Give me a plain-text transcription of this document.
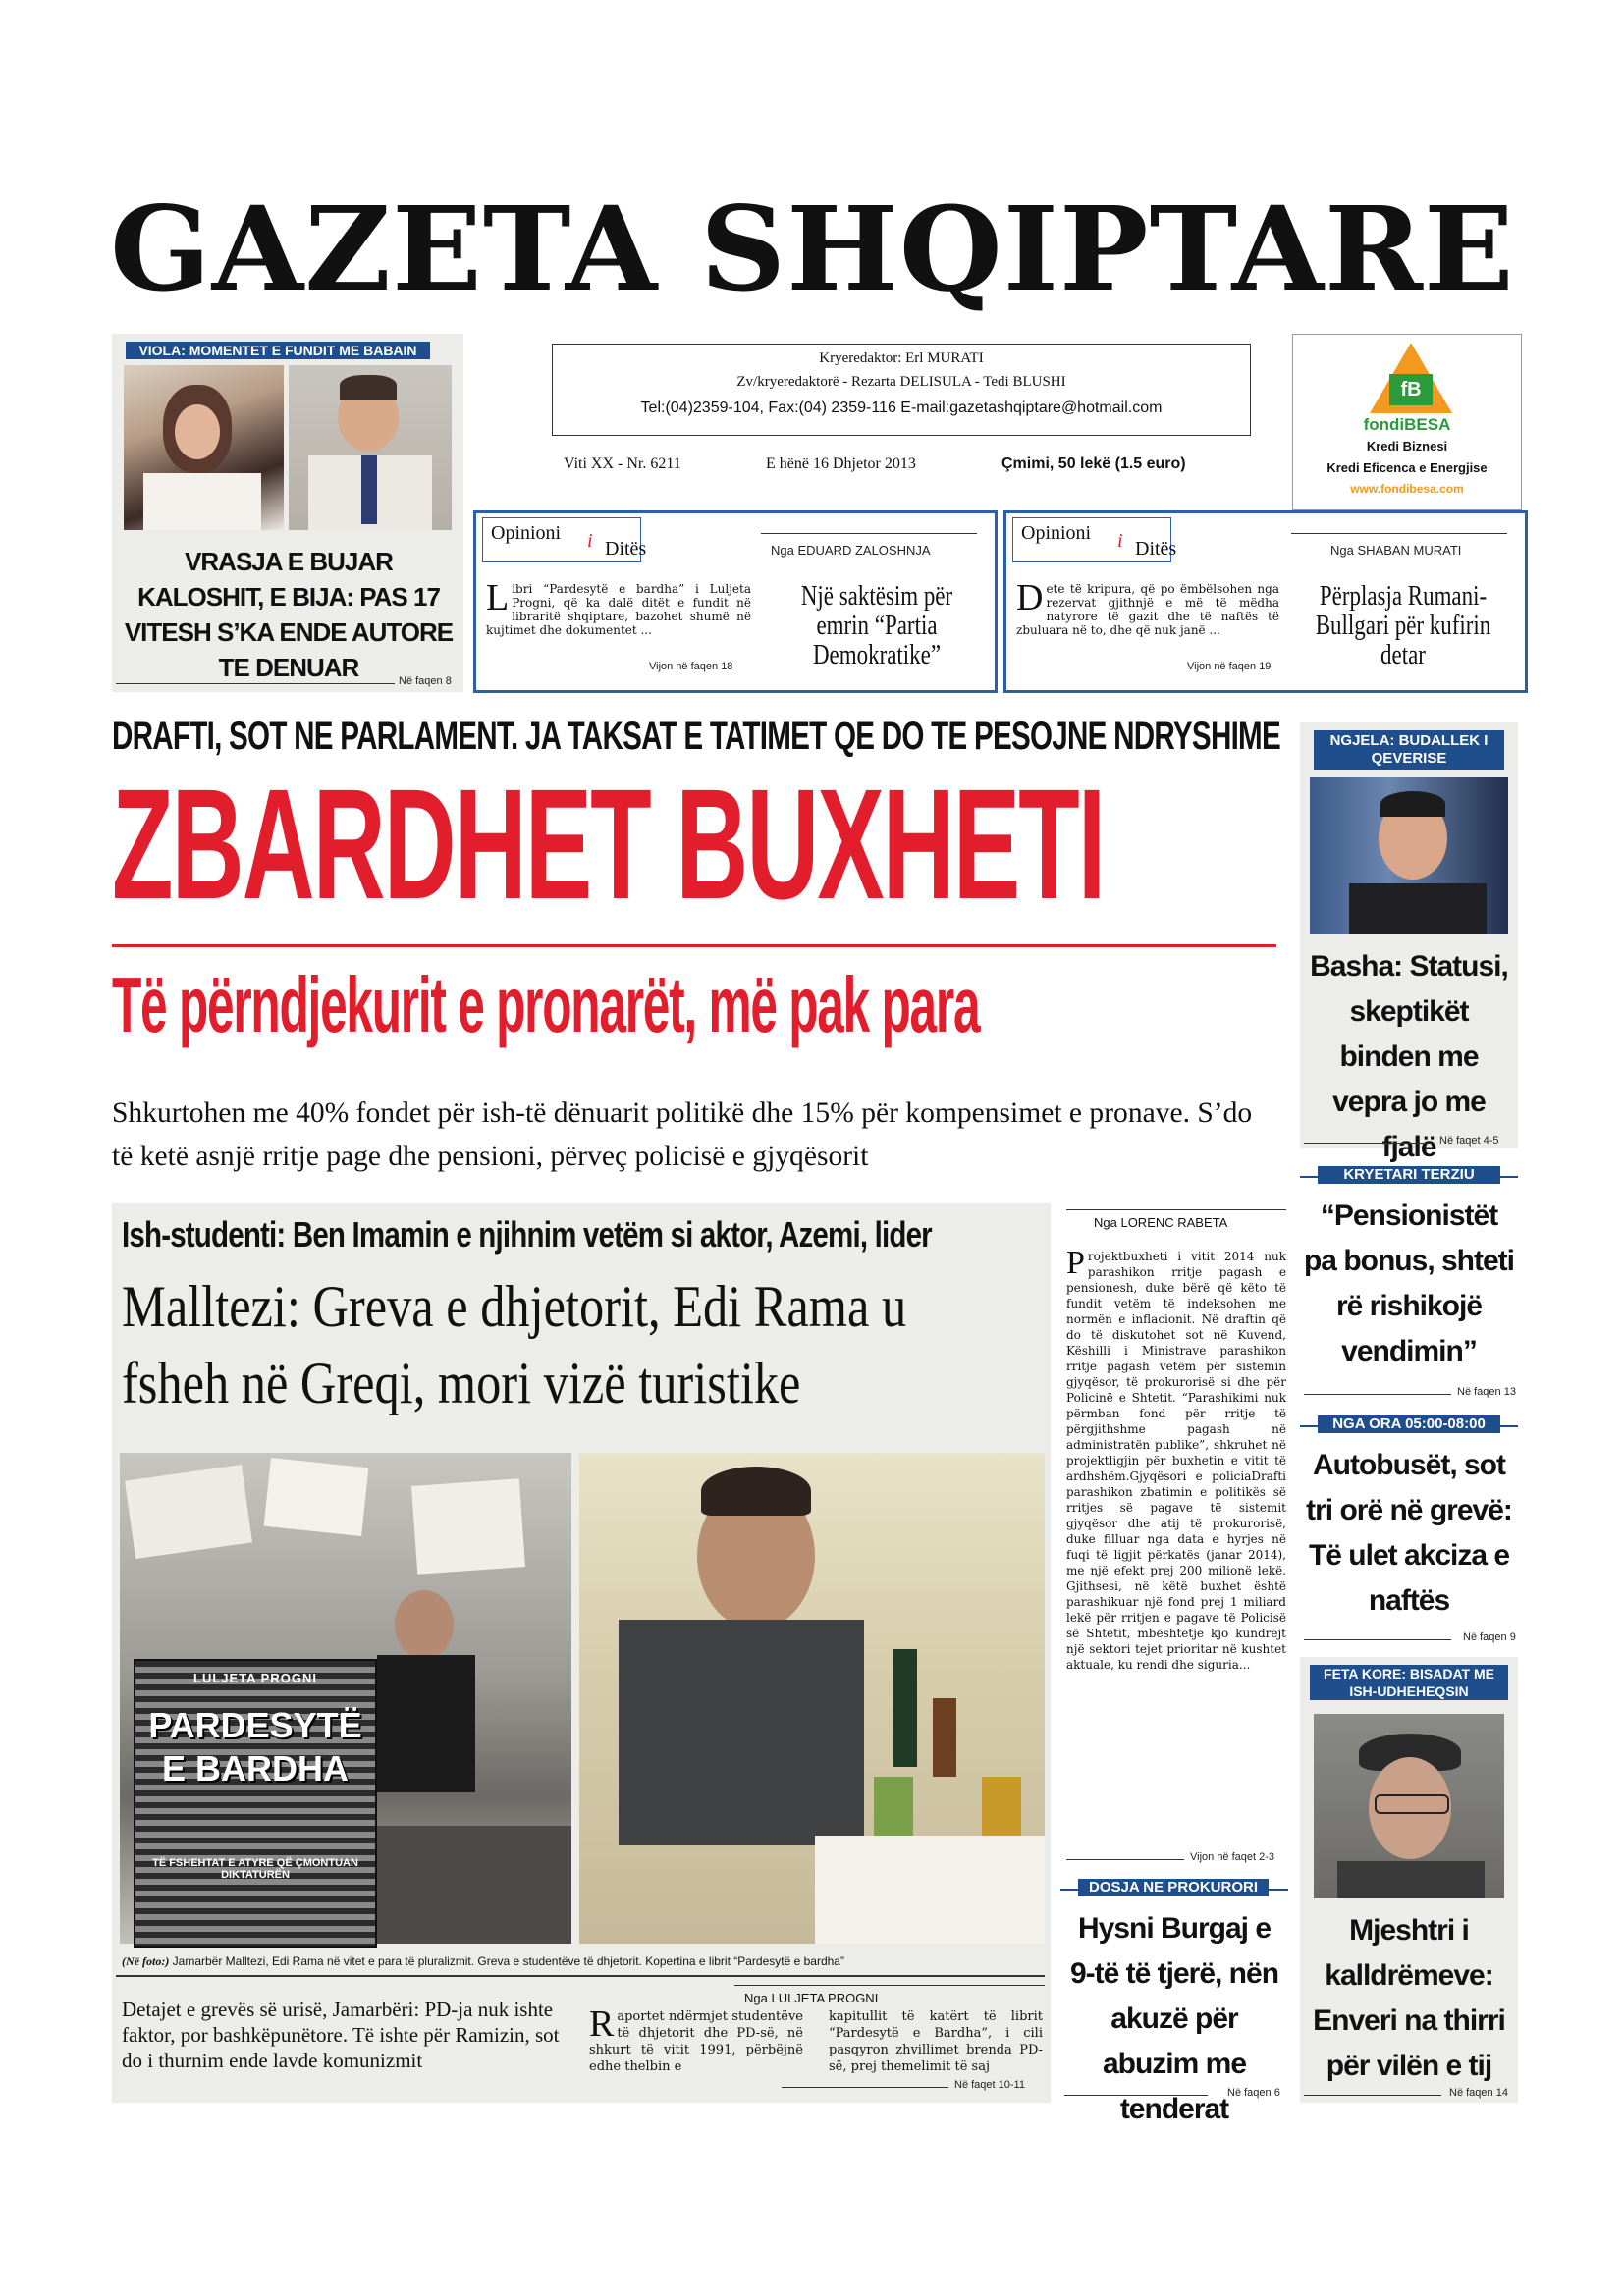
GAZETA SHQIPTARE
VIOLA: MOMENTET E FUNDIT ME BABAIN
VRASJA E BUJAR KALOSHIT, E BIJA: PAS 17 VITESH S’KA ENDE AUTORE TE DENUAR	Në faqen 8
Kryeredaktor: Erl MURATI
Zv/kryeredaktorë - Rezarta DELISULA - Tedi BLUSHI
Tel:(04)2359-104, Fax:(04) 2359-116 E-mail:gazetashqiptare@hotmail.com
Viti XX - Nr. 6211	E hënë 16 Dhjetor 2013	Çmimi, 50 lekë (1.5 euro)
fB
fondiBESA
Kredi Biznesi
Kredi Eficenca e Energjise
www.fondibesa.com
Opinioni i Ditës	Nga EDUARD ZALOSHNJA
Libri “Pardesytë e bardha” i Luljeta Progni, që ka dalë ditët e fundit në libraritë shqiptare, bazohet shumë në kujtimet dhe dokumentet ...
Vijon në faqen 18
Një saktësim për emrin “Partia Demokratike”
Opinioni i Ditës	Nga SHABAN MURATI
Dete të kripura, që po ëmbëlsohen nga rezervat gjithnjë e më të mëdha natyrore të gazit dhe të naftës të zbuluara në to, dhe që nuk janë ...
Vijon në faqen 19
Përplasja Rumani-Bullgari për kufirin detar
DRAFTI, SOT NE PARLAMENT. JA TAKSAT E TATIMET QE DO TE PESOJNE NDRYSHIME
ZBARDHET BUXHETI
Të përndjekurit e pronarët, më pak para
Shkurtohen me 40% fondet për ish-të dënuarit politikë dhe 15% për kompensimet e pronave. S’do të ketë asnjë rritje page dhe pensioni, përveç policisë e gjyqësorit
NGJELA: BUDALLEK I QEVERISE
Basha: Statusi, skeptikët binden me vepra jo me fjalë Në faqet 4-5
KRYETARI TERZIU
“Pensionistët pa bonus, shteti rë rishikojë vendimin”
Në faqen 13
NGA ORA 05:00-08:00
Autobusët, sot tri orë në grevë: Të ulet akciza e naftës
Në faqen 9
FETA KORE: BISADAT ME ISH-UDHEHEQSIN
Mjeshtri i kalldrëmeve: Enveri na thirri për vilën e tij
Në faqen 14
Ish-studenti: Ben Imamin e njihnim vetëm si aktor, Azemi, lider
Malltezi: Greva e dhjetorit, Edi Rama u fsheh në Greqi, mori vizë turistike
LULJETA PROGNI
PARDESYTË E BARDHA
TË FSHEHTAT E ATYRE QË ÇMONTUAN DIKTATURËN
(Në foto:) Jamarbër Malltezi, Edi Rama në vitet e para të pluralizmit. Greva e studentëve të dhjetorit. Kopertina e librit “Pardesytë e bardha”
Nga LULJETA PROGNI
Detajet e grevës së urisë, Jamarbëri: PD-ja nuk ishte faktor, por bashkëpunëtore. Të ishte për Ramizin, sot do i thurnim ende lavde komunizmit
Raportet ndërmjet studentëve të dhjetorit dhe PD-së, në shkurt të vitit 1991, përbëjnë edhe thelbin e
kapitullit të katërt të librit “Pardesytë e Bardha”, i cili pasqyron zhvillimet brenda PD-së, prej themelimit të saj
Në faqet 10-11
Nga LORENC RABETA
Projektbuxheti i vitit 2014 nuk parashikon rritje pagash e pensionesh, duke bërë që këto të fundit vetëm të indeksohen me normën e inflacionit. Në draftin që do të diskutohet sot në Kuvend, Këshilli i Ministrave parashikon rritje pagash vetëm për sistemin gjyqësor, të prokurorisë si dhe për Policinë e Shtetit. “Parashikimi nuk përmban fond për rritje të përgjithshme pagash në administratën publike”, shkruhet në projektligjin për buxhetin e vitit të ardhshëm.Gjyqësori e policiaDrafti parashikon zbatimin e politikës së rritjes së pagave të sistemit gjyqësor dhe atij të prokurorisë, duke filluar nga data e hyrjes në fuqi të ligjit përkatës (janar 2014), me një efekt prej 200 milionë lekë. Gjithsesi, në këtë buxhet është parashikuar një fond prej 1 miliard lekë për rritjen e pagave të Policisë së Shtetit, mbështetje kjo kundrejt një sektori tejet prioritar në kushtet aktuale, ku rendi dhe siguria...
Vijon në faqet 2-3
DOSJA NE PROKURORI
Hysni Burgaj e 9-të të tjerë, nën akuzë për abuzim me tenderat
Në faqen 6
